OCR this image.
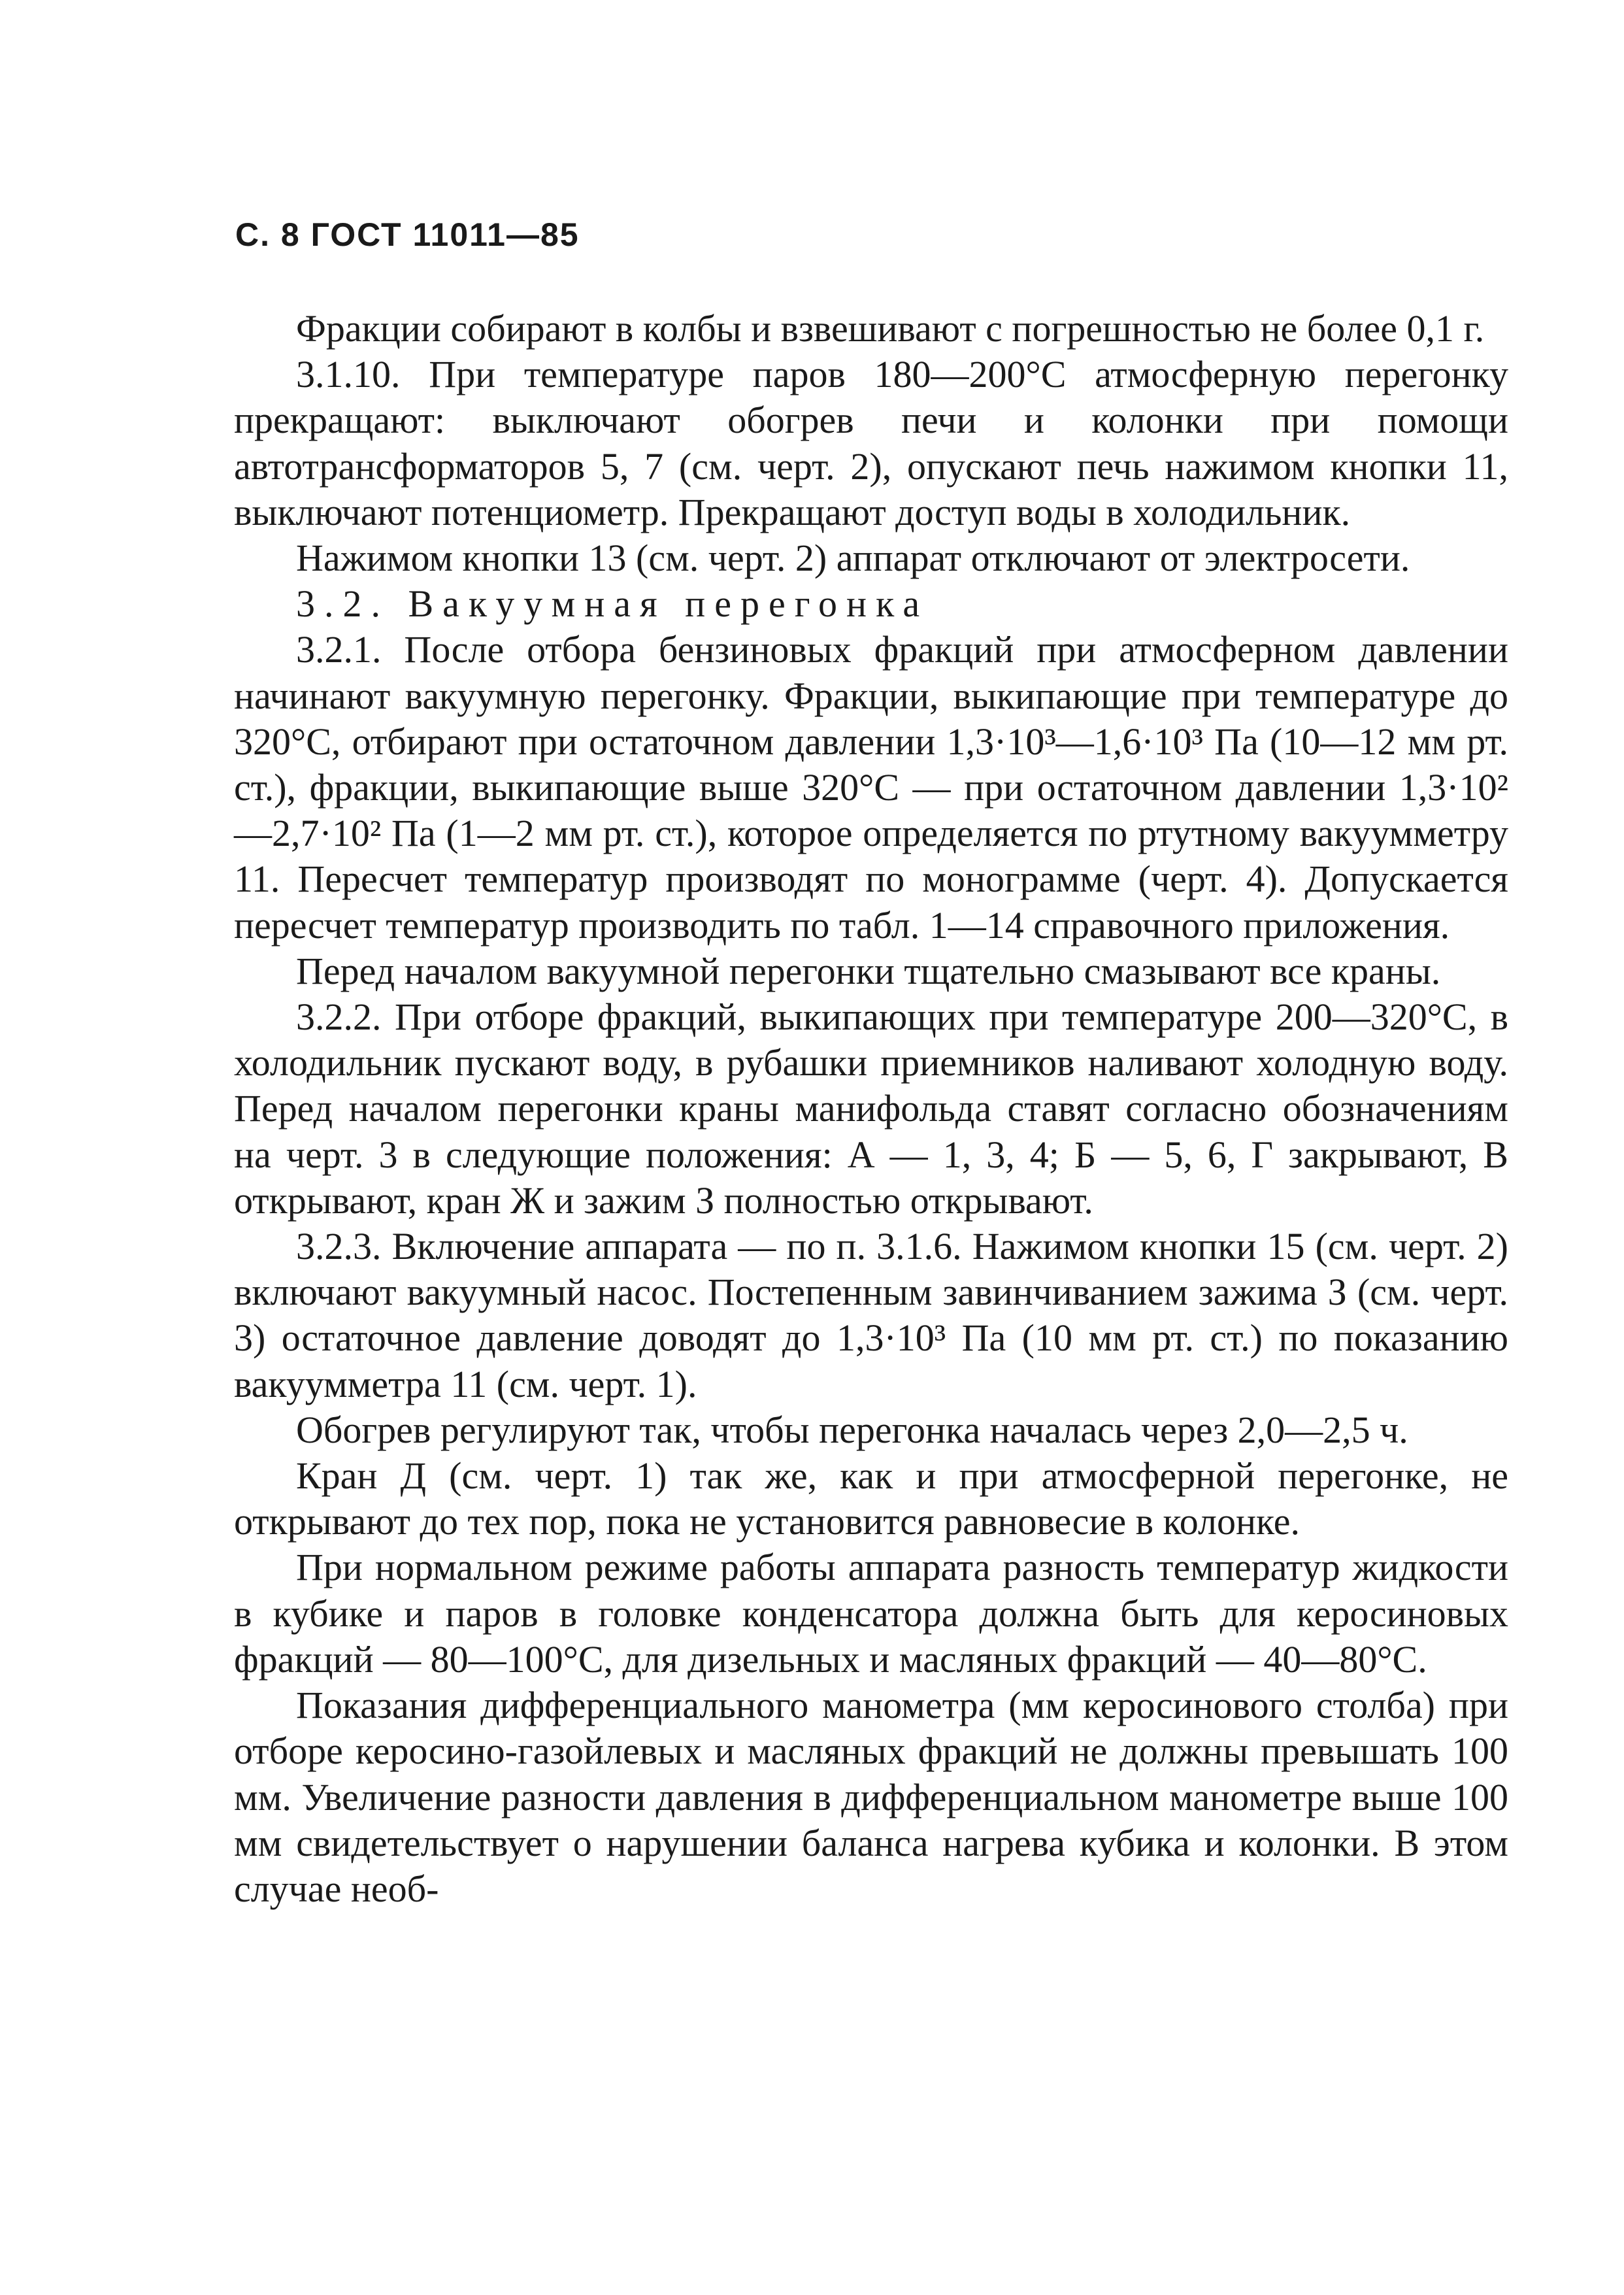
С. 8 ГОСТ 11011—85

Фракции собирают в колбы и взвешивают с погрешностью не более 0,1 г.

3.1.10. При температуре паров 180—200°С атмосферную перегонку прекращают: выключают обогрев печи и колонки при помощи автотрансформаторов 5, 7 (см. черт. 2), опускают печь нажимом кнопки 11, выключают потенциометр. Прекращают доступ воды в холодильник.

Нажимом кнопки 13 (см. черт. 2) аппарат отключают от электросети.

3.2. Вакуумная перегонка

3.2.1. После отбора бензиновых фракций при атмосферном давлении начинают вакуумную перегонку. Фракции, выкипающие при температуре до 320°С, отбирают при остаточном давлении 1,3·10³—1,6·10³ Па (10—12 мм рт. ст.), фракции, выкипающие выше 320°С — при остаточном давлении 1,3·10²—2,7·10² Па (1—2 мм рт. ст.), которое определяется по ртутному вакуумметру 11. Пересчет температур производят по монограмме (черт. 4). Допускается пересчет температур производить по табл. 1—14 справочного приложения.

Перед началом вакуумной перегонки тщательно смазывают все краны.

3.2.2. При отборе фракций, выкипающих при температуре 200—320°С, в холодильник пускают воду, в рубашки приемников наливают холодную воду. Перед началом перегонки краны манифольда ставят согласно обозначениям на черт. 3 в следующие положения: А — 1, 3, 4; Б — 5, 6, Г закрывают, В открывают, кран Ж и зажим З полностью открывают.

3.2.3. Включение аппарата — по п. 3.1.6. Нажимом кнопки 15 (см. черт. 2) включают вакуумный насос. Постепенным завинчиванием зажима З (см. черт. 3) остаточное давление доводят до 1,3·10³ Па (10 мм рт. ст.) по показанию вакуумметра 11 (см. черт. 1).

Обогрев регулируют так, чтобы перегонка началась через 2,0—2,5 ч.

Кран Д (см. черт. 1) так же, как и при атмосферной перегонке, не открывают до тех пор, пока не установится равновесие в колонке.

При нормальном режиме работы аппарата разность температур жидкости в кубике и паров в головке конденсатора должна быть для керосиновых фракций — 80—100°С, для дизельных и масляных фракций — 40—80°С.

Показания дифференциального манометра (мм керосинового столба) при отборе керосино-газойлевых и масляных фракций не должны превышать 100 мм. Увеличение разности давления в дифференциальном манометре выше 100 мм свидетельствует о нарушении баланса нагрева кубика и колонки. В этом случае необ-
